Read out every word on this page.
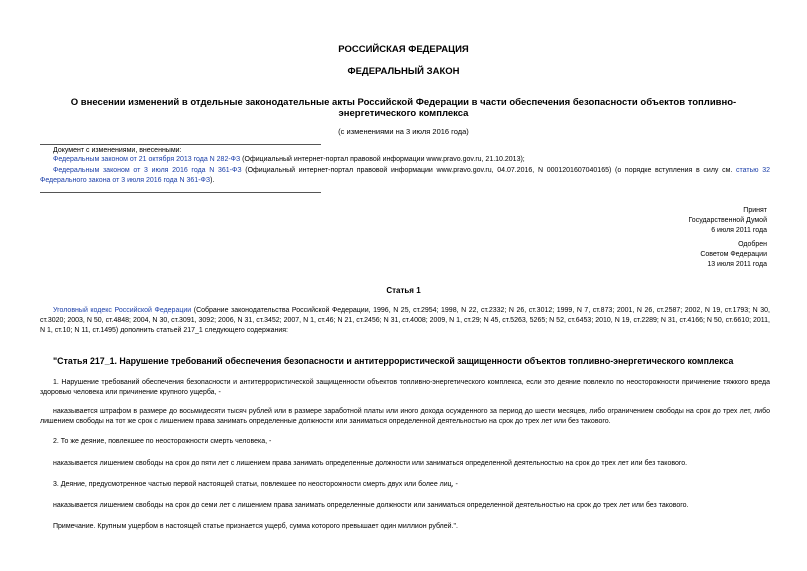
РОССИЙСКАЯ ФЕДЕРАЦИЯ
ФЕДЕРАЛЬНЫЙ ЗАКОН
О внесении изменений в отдельные законодательные акты Российской Федерации в части обеспечения безопасности объектов топливно-энергетического комплекса
(с изменениями на 3 июля 2016 года)
Документ с изменениями, внесенными:
Федеральным законом от 21 октября 2013 года N 282-ФЗ (Официальный интернет-портал правовой информации www.pravo.gov.ru, 21.10.2013);
Федеральным законом от 3 июля 2016 года N 361-ФЗ (Официальный интернет-портал правовой информации www.pravo.gov.ru, 04.07.2016, N 0001201607040165) (о порядке вступления в силу см. статью 32 Федерального закона от 3 июля 2016 года N 361-ФЗ).
Принят
Государственной Думой
6 июля 2011 года
Одобрен
Советом Федерации
13 июля 2011 года
Статья 1
Уголовный кодекс Российской Федерации (Собрание законодательства Российской Федерации, 1996, N 25, ст.2954; 1998, N 22, ст.2332; N 26, ст.3012; 1999, N 7, ст.873; 2001, N 26, ст.2587; 2002, N 19, ст.1793; N 30, ст.3020; 2003, N 50, ст.4848; 2004, N 30, ст.3091, 3092; 2006, N 31, ст.3452; 2007, N 1, ст.46; N 21, ст.2456; N 31, ст.4008; 2009, N 1, ст.29; N 45, ст.5263, 5265; N 52, ст.6453; 2010, N 19, ст.2289; N 31, ст.4166; N 50, ст.6610; 2011, N 1, ст.10; N 11, ст.1495) дополнить статьей 217_1 следующего содержания:
"Статья 217_1. Нарушение требований обеспечения безопасности и антитеррористической защищенности объектов топливно-энергетического комплекса
1. Нарушение требований обеспечения безопасности и антитеррористической защищенности объектов топливно-энергетического комплекса, если это деяние повлекло по неосторожности причинение тяжкого вреда здоровью человека или причинение крупного ущерба, -
наказывается штрафом в размере до восьмидесяти тысяч рублей или в размере заработной платы или иного дохода осужденного за период до шести месяцев, либо ограничением свободы на срок до трех лет, либо лишением свободы на тот же срок с лишением права занимать определенные должности или заниматься определенной деятельностью на срок до трех лет или без такового.
2. То же деяние, повлекшее по неосторожности смерть человека, -
наказывается лишением свободы на срок до пяти лет с лишением права занимать определенные должности или заниматься определенной деятельностью на срок до трех лет или без такового.
3. Деяние, предусмотренное частью первой настоящей статьи, повлекшее по неосторожности смерть двух или более лиц, -
наказывается лишением свободы на срок до семи лет с лишением права занимать определенные должности или заниматься определенной деятельностью на срок до трех лет или без такового.
Примечание. Крупным ущербом в настоящей статье признается ущерб, сумма которого превышает один миллион рублей.".
